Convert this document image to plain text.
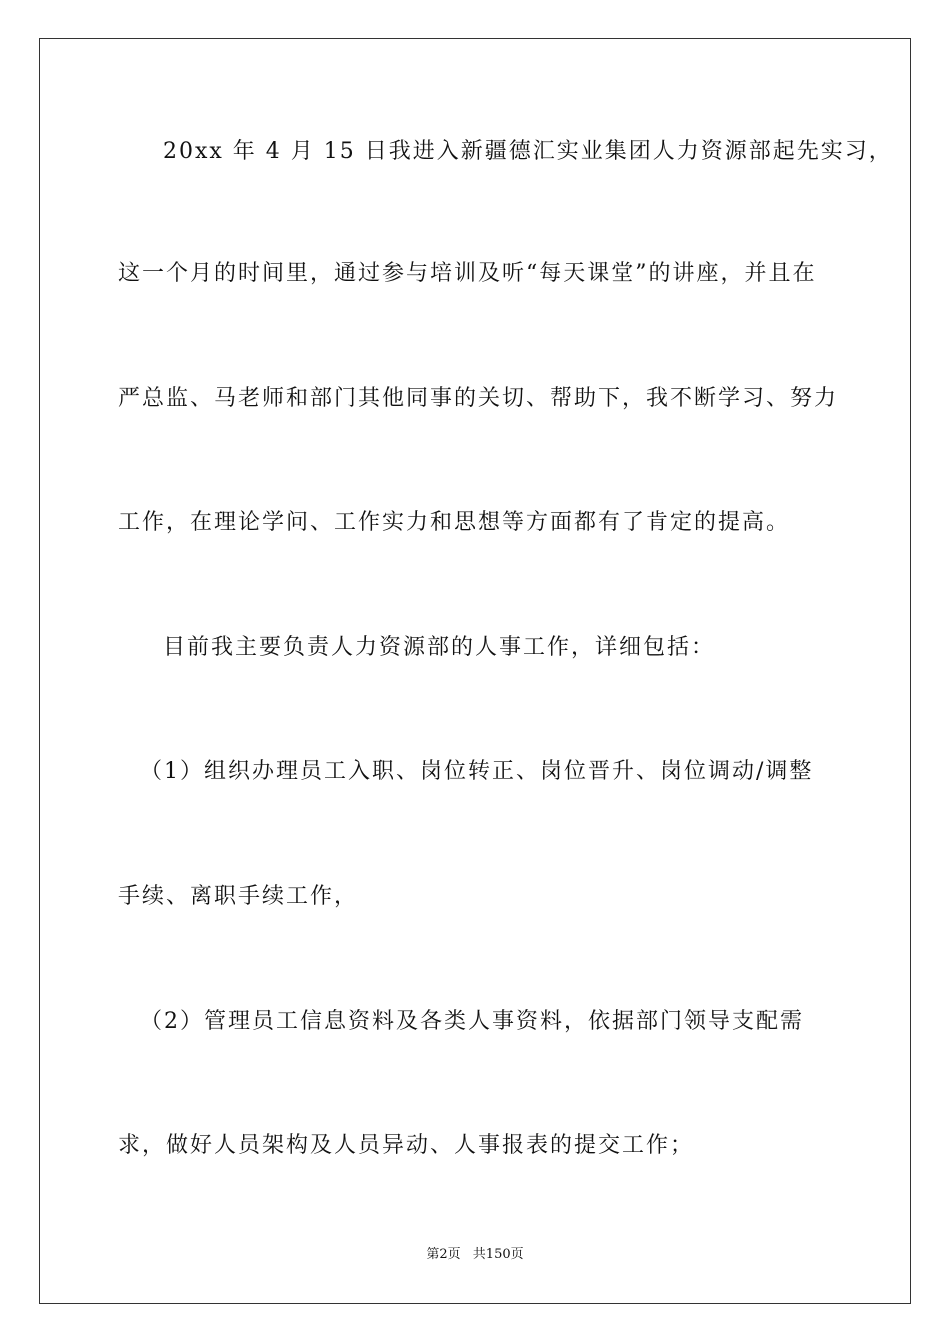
20xx 年 4 月 15 日我进入新疆德汇实业集团人力资源部起先实习，
这一个月的时间里，通过参与培训及听“每天课堂”的讲座，并且在
严总监、马老师和部门其他同事的关切、帮助下，我不断学习、努力
工作，在理论学问、工作实力和思想等方面都有了肯定的提高。
目前我主要负责人力资源部的人事工作，详细包括：
（1）组织办理员工入职、岗位转正、岗位晋升、岗位调动/调整
手续、离职手续工作，
（2）管理员工信息资料及各类人事资料，依据部门领导支配需
求，做好人员架构及人员异动、人事报表的提交工作；
第2页 共150页
